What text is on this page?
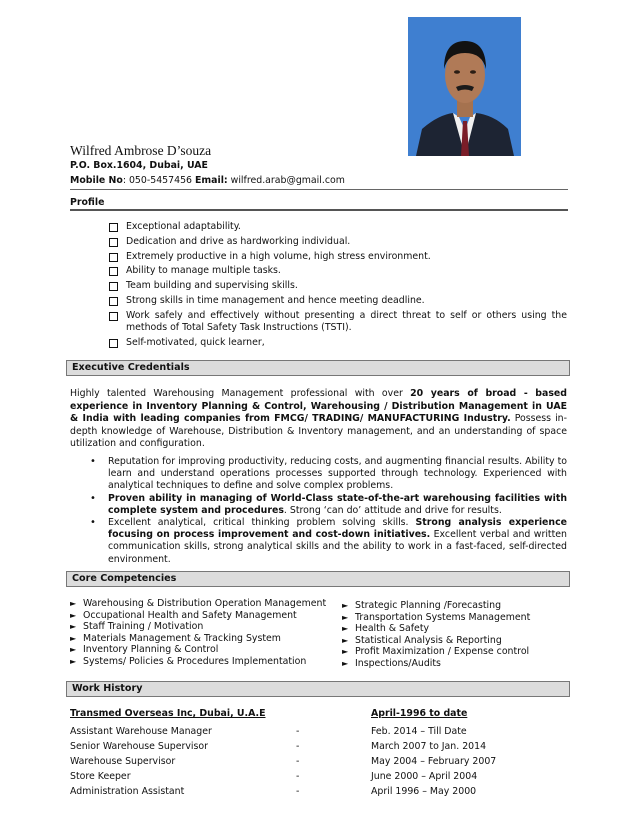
Wilfred Ambrose D’souza
P.O. Box.1604, Dubai, UAE
Mobile No: 050-5457456 Email: wilfred.arab@gmail.com
Profile
Exceptional adaptability.
Dedication and drive as hardworking individual.
Extremely productive in a high volume, high stress environment.
Ability to manage multiple tasks.
Team building and supervising skills.
Strong skills in time management and hence meeting deadline.
Work safely and effectively without presenting a direct threat to self or others using the methods of Total Safety Task Instructions (TSTI).
Self-motivated, quick learner,
Executive Credentials
Highly talented Warehousing Management professional with over 20 years of broad - based experience in Inventory Planning & Control, Warehousing / Distribution Management in UAE & India with leading companies from FMCG/ TRADING/ MANUFACTURING Industry. Possess in-depth knowledge of Warehouse, Distribution & Inventory management, and an understanding of space utilization and configuration.
• Reputation for improving productivity, reducing costs, and augmenting financial results. Ability to learn and understand operations processes supported through technology. Experienced with analytical techniques to define and solve complex problems.
• Proven ability in managing of World-Class state-of-the-art warehousing facilities with complete system and procedures. Strong ‘can do’ attitude and drive for results.
• Excellent analytical, critical thinking problem solving skills. Strong analysis experience focusing on process improvement and cost-down initiatives. Excellent verbal and written communication skills, strong analytical skills and the ability to work in a fast-faced, self-directed environment.
Core Competencies
► Warehousing & Distribution Operation Management
► Occupational Health and Safety Management
► Staff Training / Motivation
► Materials Management & Tracking System
► Inventory Planning & Control
► Systems/ Policies & Procedures Implementation
► Strategic Planning /Forecasting
► Transportation Systems Management
► Health & Safety
► Statistical Analysis & Reporting
► Profit Maximization / Expense control
► Inspections/Audits
Work History
Transmed Overseas Inc, Dubai, U.A.E	April-1996 to date
Assistant Warehouse Manager	-	Feb. 2014 – Till Date
Senior Warehouse Supervisor	-	March 2007 to Jan. 2014
Warehouse Supervisor	-	May 2004 – February 2007
Store Keeper	-	June 2000 – April 2004
Administration Assistant	-	April 1996 – May 2000
